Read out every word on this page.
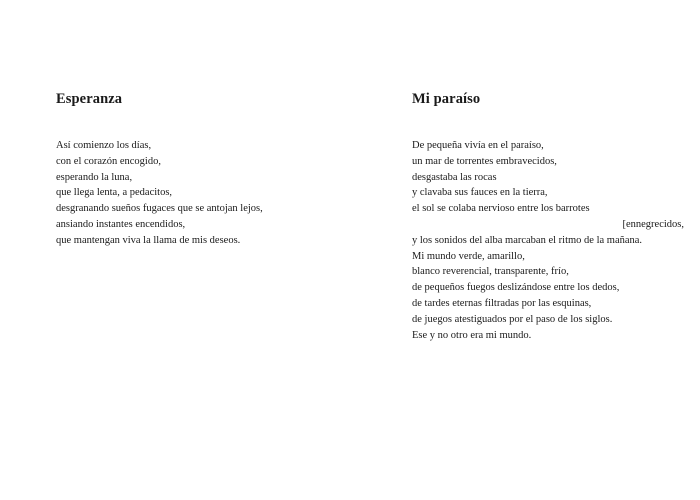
Esperanza
Así comienzo los días,
con el corazón encogido,
esperando la luna,
que llega lenta, a pedacitos,
desgranando sueños fugaces que se antojan lejos,
ansiando instantes encendidos,
que mantengan viva la llama de mis deseos.
Mi paraíso
De pequeña vivía en el paraíso,
un mar de torrentes embravecidos,
desgastaba las rocas
y clavaba sus fauces en la tierra,
el sol se colaba nervioso entre los barrotes
[ennegrecidos,
y los sonidos del alba marcaban el ritmo de la mañana.
Mi mundo verde, amarillo,
blanco reverencial, transparente, frío,
de pequeños fuegos deslizándose entre los dedos,
de tardes eternas filtradas por las esquinas,
de juegos atestiguados por el paso de los siglos.
Ese y no otro era mi mundo.
